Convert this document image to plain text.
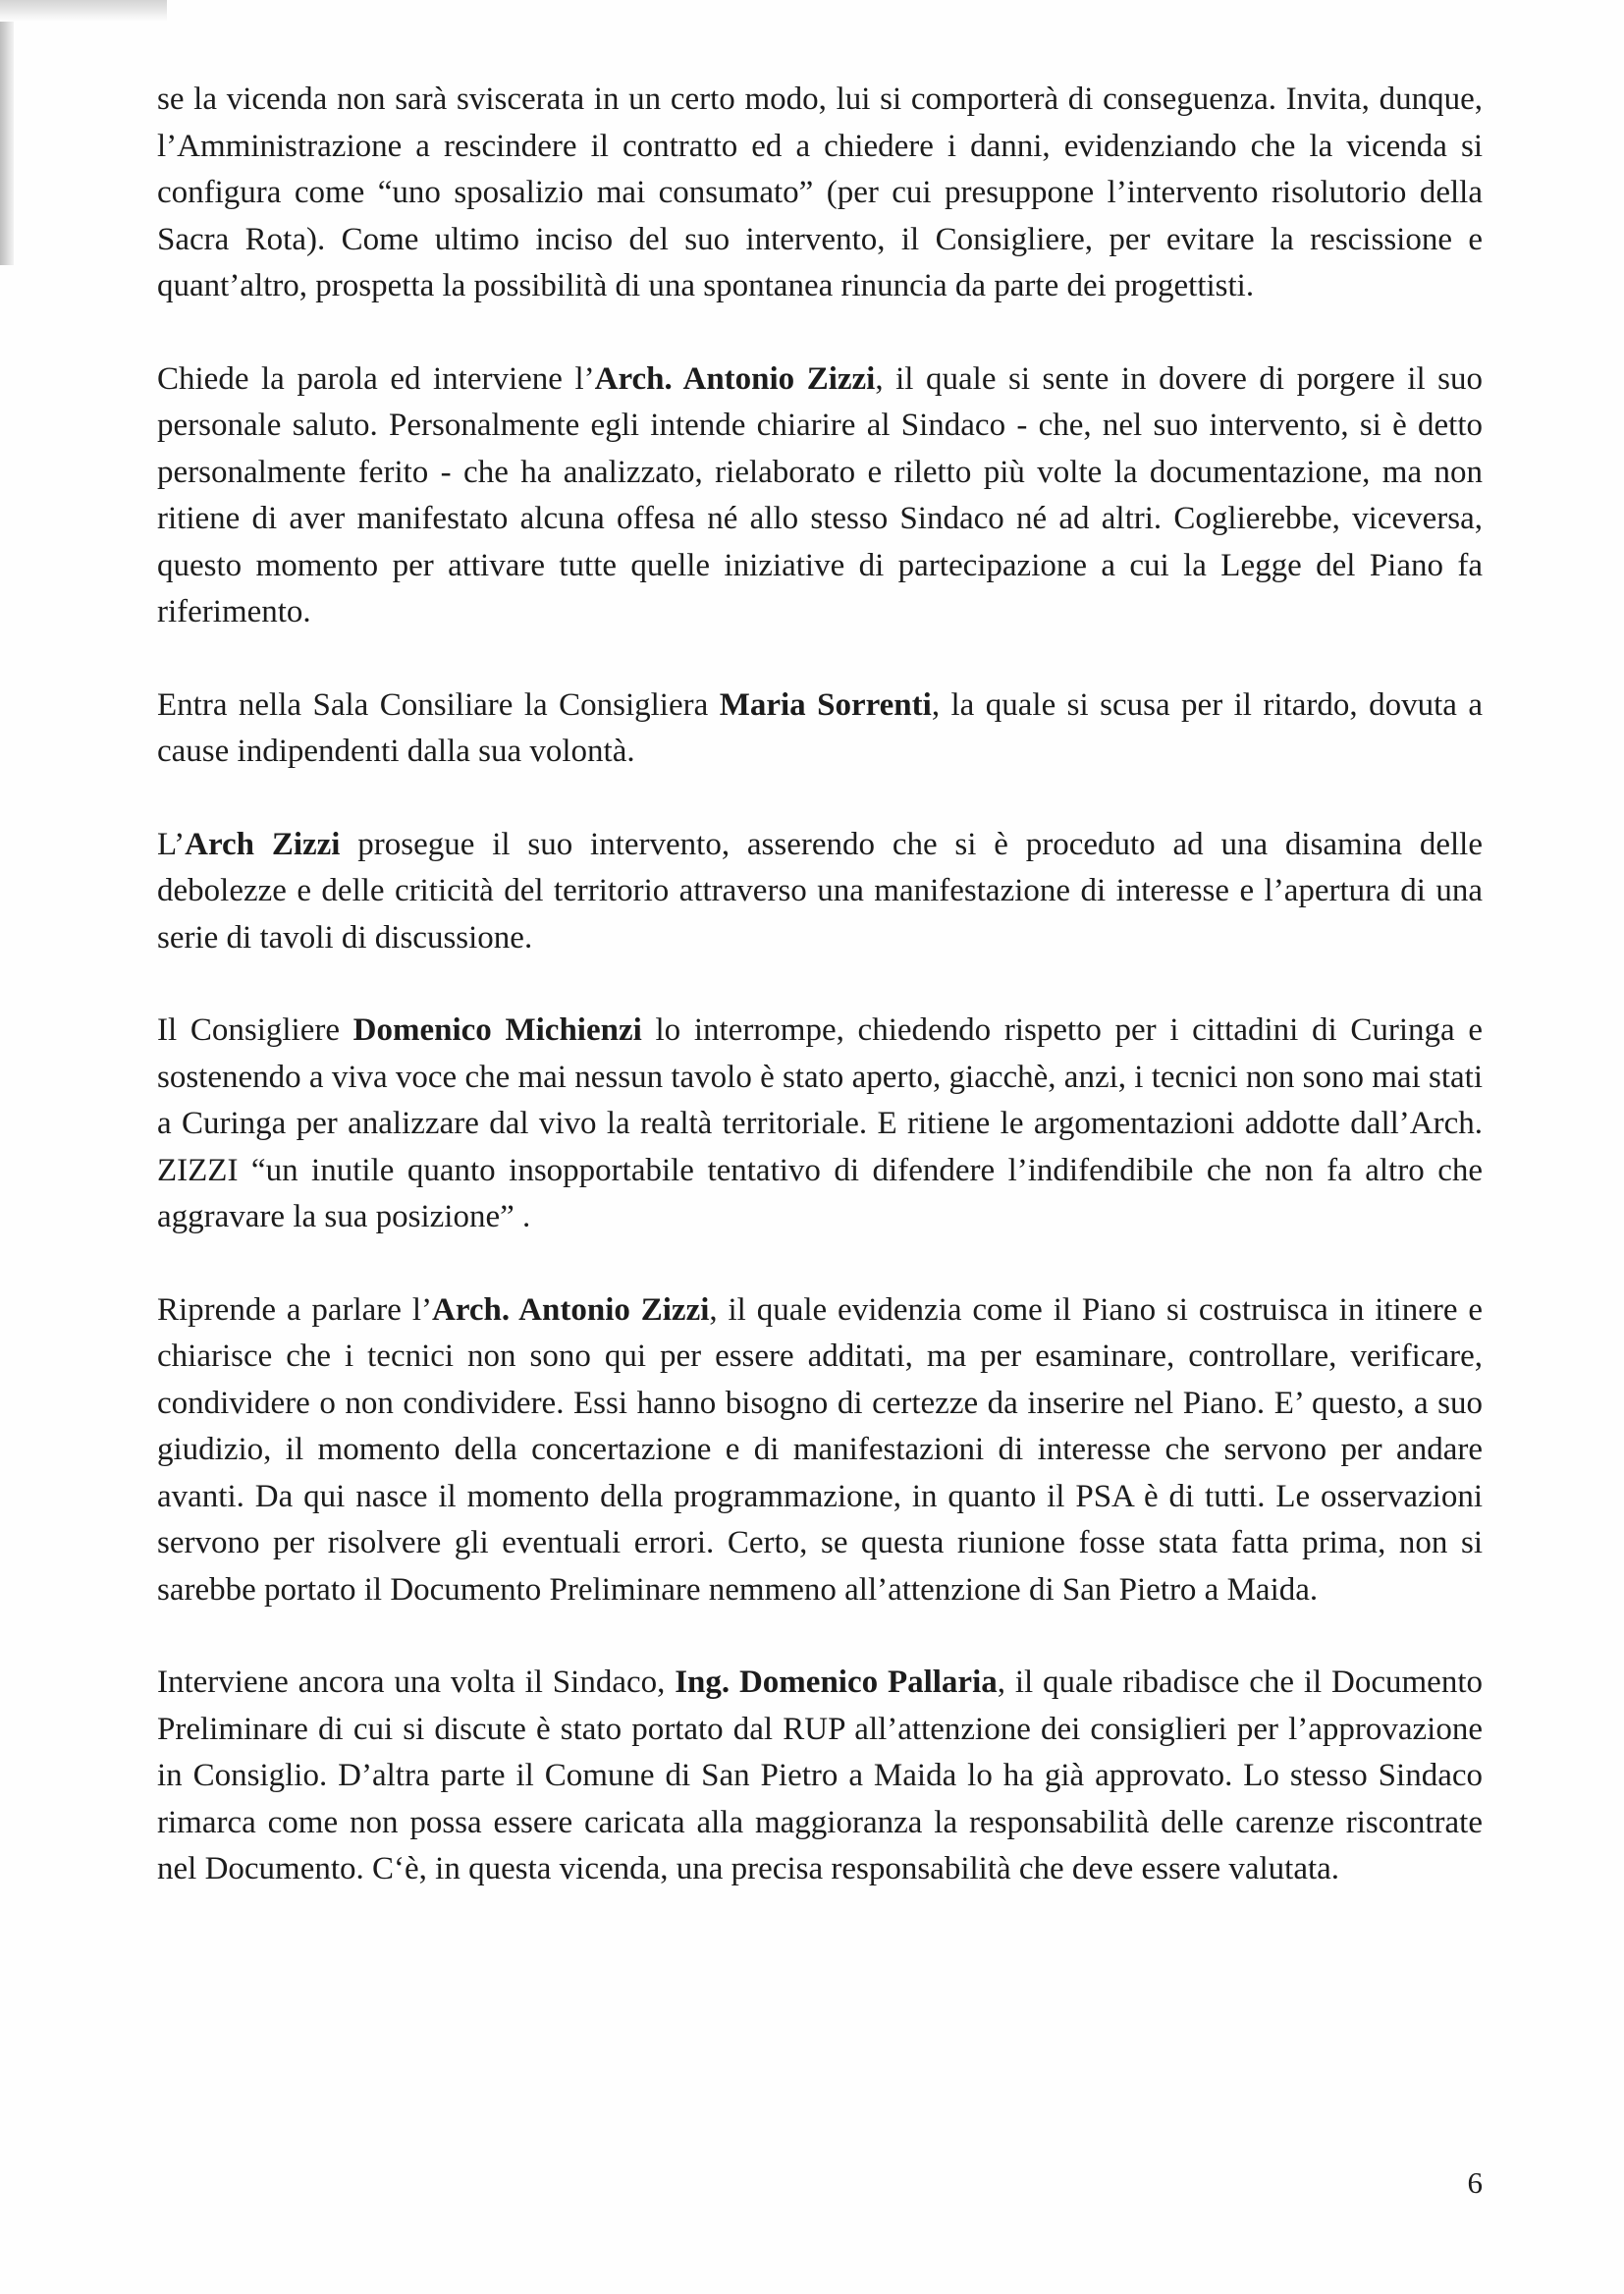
se la vicenda non sarà sviscerata in un certo modo, lui si comporterà di conseguenza. Invita, dunque, l’Amministrazione a rescindere il contratto ed a chiedere i danni, evidenziando che la vicenda si configura come “uno sposalizio mai consumato” (per cui presuppone l’intervento risolutorio della Sacra Rota). Come ultimo inciso del suo intervento, il Consigliere, per evitare la rescissione e quant’altro, prospetta la possibilità di una spontanea rinuncia da parte dei progettisti.

Chiede la parola ed interviene l’Arch. Antonio Zizzi, il quale si sente in dovere di porgere il suo personale saluto. Personalmente egli intende chiarire al Sindaco - che, nel suo intervento, si è detto personalmente ferito - che ha analizzato, rielaborato e riletto più volte la documentazione, ma non ritiene di aver manifestato alcuna offesa né allo stesso Sindaco né ad altri. Coglierebbe, viceversa, questo momento per attivare tutte quelle iniziative di partecipazione a cui la Legge del Piano fa riferimento.

Entra nella Sala Consiliare la Consigliera Maria Sorrenti, la quale si scusa per il ritardo, dovuta a cause indipendenti dalla sua volontà.

L’Arch Zizzi prosegue il suo intervento, asserendo che si è proceduto ad una disamina delle debolezze e delle criticità del territorio attraverso una manifestazione di interesse e l’apertura di una serie di tavoli di discussione.

Il Consigliere Domenico Michienzi lo interrompe, chiedendo rispetto per i cittadini di Curinga e sostenendo a viva voce che mai nessun tavolo è stato aperto, giacchè, anzi, i tecnici non sono mai stati a Curinga per analizzare dal vivo la realtà territoriale. E ritiene le argomentazioni addotte dall’Arch. ZIZZI “un inutile quanto insopportabile tentativo di difendere l’indifendibile che non fa altro che aggravare la sua posizione” .

Riprende a parlare l’Arch. Antonio Zizzi, il quale evidenzia come il Piano si costruisca in itinere e chiarisce che i tecnici non sono qui per essere additati, ma per esaminare, controllare, verificare, condividere o non condividere. Essi hanno bisogno di certezze da inserire nel Piano. E’ questo, a suo giudizio, il momento della concertazione e di manifestazioni di interesse che servono per andare avanti. Da qui nasce il momento della programmazione, in quanto il PSA è di tutti. Le osservazioni servono per risolvere gli eventuali errori. Certo, se questa riunione fosse stata fatta prima, non si sarebbe portato il Documento Preliminare nemmeno all’attenzione di San Pietro a Maida.

Interviene ancora una volta il Sindaco, Ing. Domenico Pallaria, il quale ribadisce che il Documento Preliminare di cui si discute è stato portato dal RUP all’attenzione dei consiglieri per l’approvazione in Consiglio. D’altra parte il Comune di San Pietro a Maida lo ha già approvato. Lo stesso Sindaco rimarca come non possa essere caricata alla maggioranza la responsabilità delle carenze riscontrate nel Documento. C‘è, in questa vicenda, una precisa responsabilità che deve essere valutata.

6
